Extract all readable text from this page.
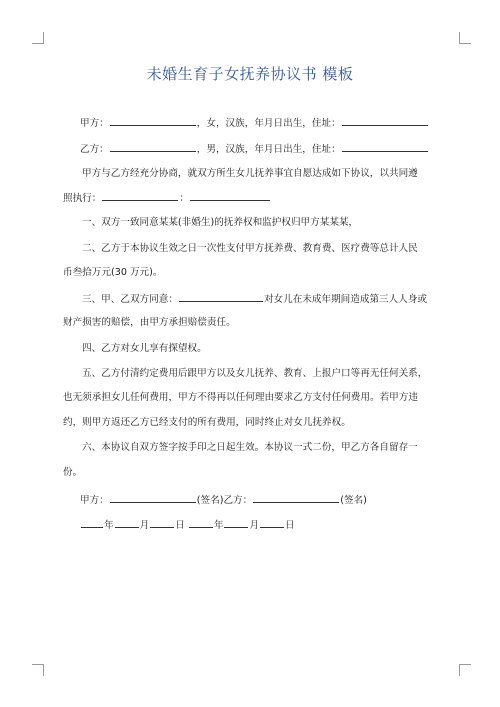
未婚生育子女抚养协议书 模板
甲方：	，女，汉族，年月日出生，住址：
乙方：	，男，汉族，年月日出生，住址：
甲方与乙方经充分协商，就双方所生女儿抚养事宜自愿达成如下协议，以共同遵
照执行：	：
一、双方一致同意某某(非婚生)的抚养权和监护权归甲方某某某，
二、乙方于本协议生效之日一次性支付甲方抚养费、教育费、医疗费等总计人民
币叁拾万元(30 万元)。
三、甲、乙双方同意：	对女儿在未成年期间造成第三人人身或
财产损害的赔偿，由甲方承担赔偿责任。
四、乙方对女儿享有探望权。
五、乙方付清约定费用后跟甲方以及女儿抚养、教育、上报户口等再无任何关系，
也无须承担女儿任何费用，甲方不得再以任何理由要求乙方支付任何费用。若甲方违
约，则甲方返还乙方已经支付的所有费用，同时终止对女儿抚养权。
六、本协议自双方签字按手印之日起生效。本协议一式二份，甲乙方各自留存一
份。
甲方：	(签名)乙方：	(签名)
年	月	日	年	月	日
